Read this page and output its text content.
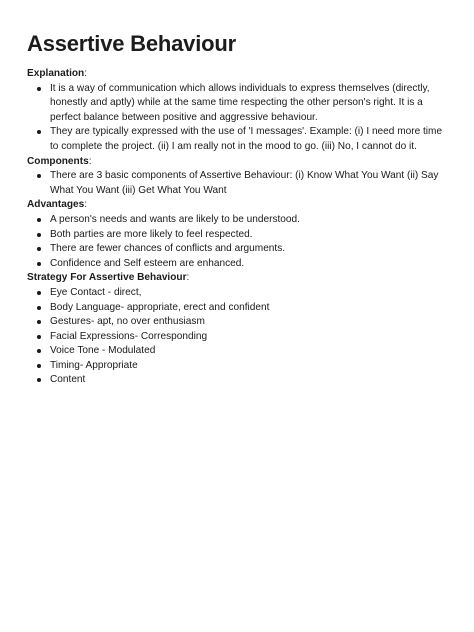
Assertive Behaviour
Explanation:
It is a way of communication which allows individuals to express themselves (directly, honestly and aptly) while at the same time respecting the other person's right. It is a perfect balance between positive and aggressive behaviour.
They are typically expressed with the use of 'I messages'. Example: (i) I need more time to complete the project. (ii) I am really not in the mood to go. (iii) No, I cannot do it.
Components:
There are 3 basic components of Assertive Behaviour: (i) Know What You Want (ii) Say What You Want (iii) Get What You Want
Advantages:
A person's needs and wants are likely to be understood.
Both parties are more likely to feel respected.
There are fewer chances of conflicts and arguments.
Confidence and Self esteem are enhanced.
Strategy For Assertive Behaviour:
Eye Contact - direct,
Body Language- appropriate, erect and confident
Gestures- apt, no over enthusiasm
Facial Expressions- Corresponding
Voice Tone - Modulated
Timing- Appropriate
Content
